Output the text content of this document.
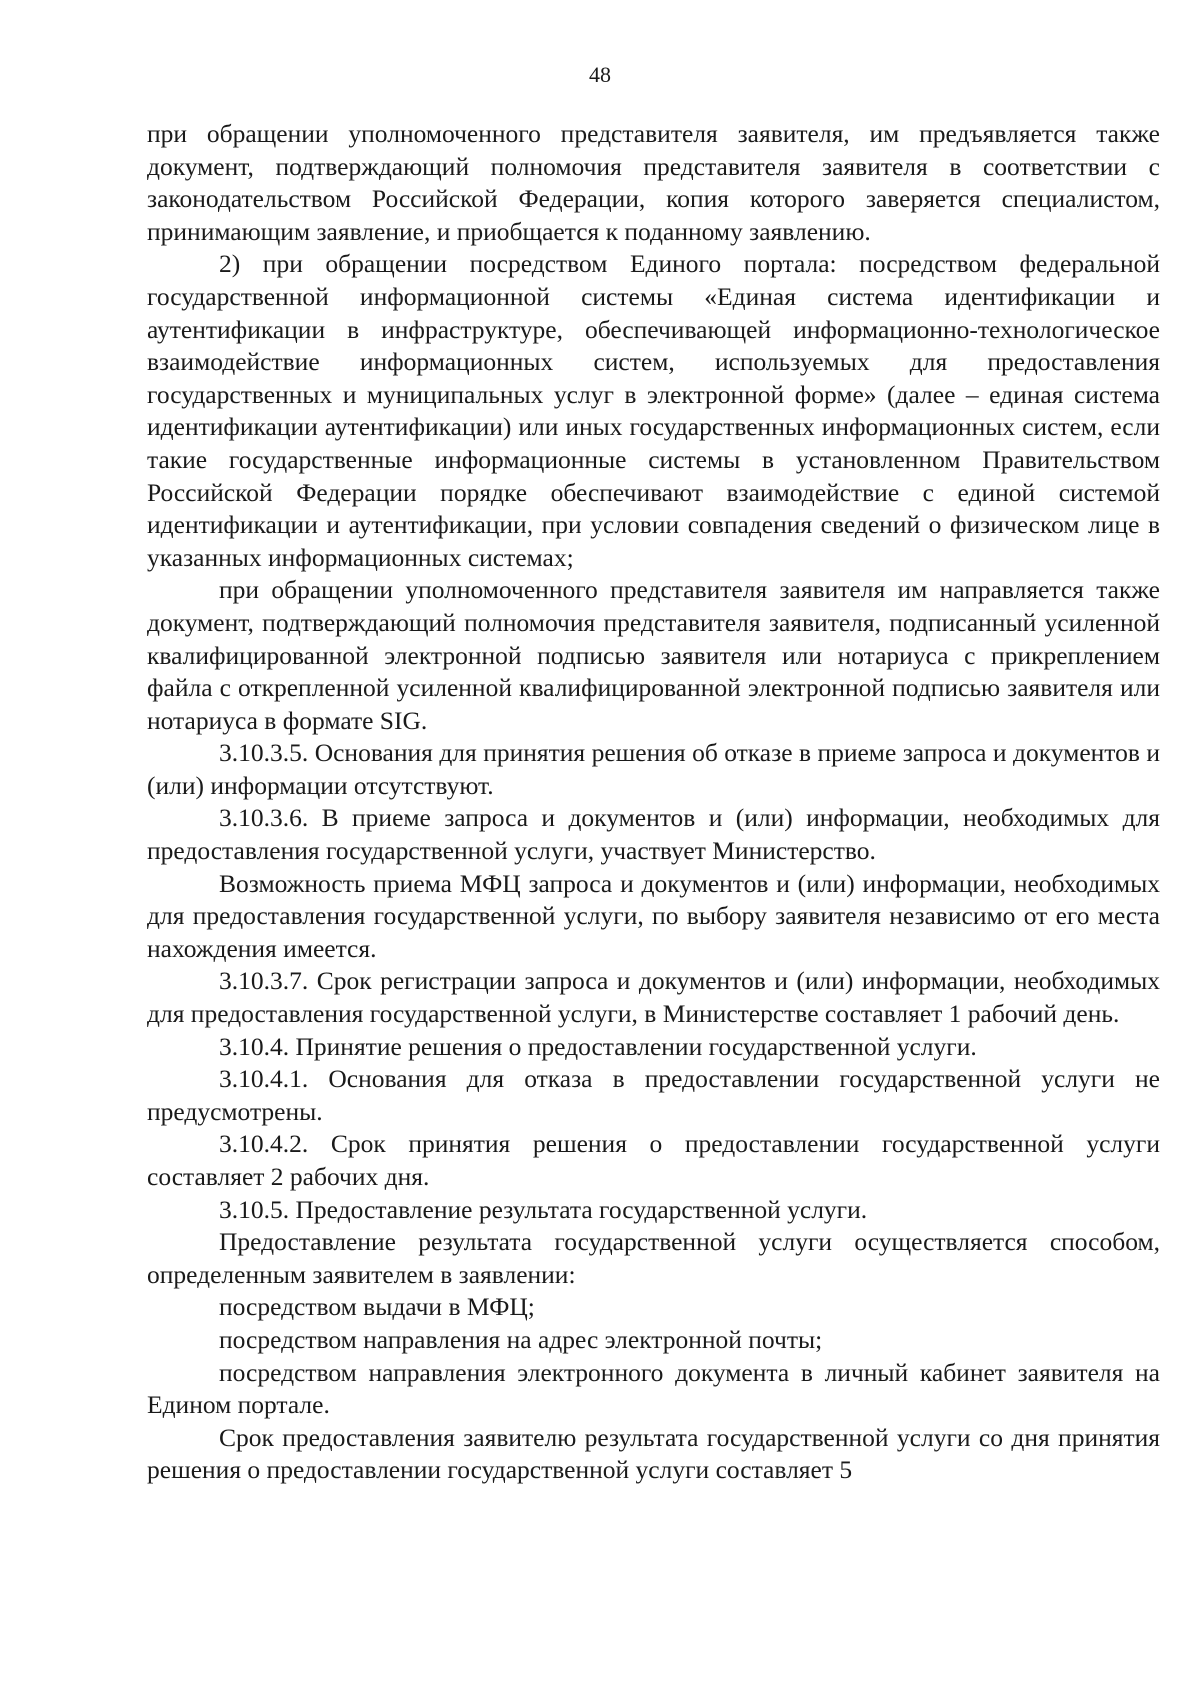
48

при обращении уполномоченного представителя заявителя, им предъявляется также документ, подтверждающий полномочия представителя заявителя в соответствии с законодательством Российской Федерации, копия которого заверяется специалистом, принимающим заявление, и приобщается к поданному заявлению.

2) при обращении посредством Единого портала: посредством федеральной государственной информационной системы «Единая система идентификации и аутентификации в инфраструктуре, обеспечивающей информационно-технологическое взаимодействие информационных систем, используемых для предоставления государственных и муниципальных услуг в электронной форме» (далее – единая система идентификации аутентификации) или иных государственных информационных систем, если такие государственные информационные системы в установленном Правительством Российской Федерации порядке обеспечивают взаимодействие с единой системой идентификации и аутентификации, при условии совпадения сведений о физическом лице в указанных информационных системах;

при обращении уполномоченного представителя заявителя им направляется также документ, подтверждающий полномочия представителя заявителя, подписанный усиленной квалифицированной электронной подписью заявителя или нотариуса с прикреплением файла с открепленной усиленной квалифицированной электронной подписью заявителя или нотариуса в формате SIG.

3.10.3.5. Основания для принятия решения об отказе в приеме запроса и документов и (или) информации отсутствуют.

3.10.3.6. В приеме запроса и документов и (или) информации, необходимых для предоставления государственной услуги, участвует Министерство.

Возможность приема МФЦ запроса и документов и (или) информации, необходимых для предоставления государственной услуги, по выбору заявителя независимо от его места нахождения имеется.

3.10.3.7. Срок регистрации запроса и документов и (или) информации, необходимых для предоставления государственной услуги, в Министерстве составляет 1 рабочий день.

3.10.4. Принятие решения о предоставлении государственной услуги.

3.10.4.1. Основания для отказа в предоставлении государственной услуги не предусмотрены.

3.10.4.2. Срок принятия решения о предоставлении государственной услуги составляет 2 рабочих дня.

3.10.5. Предоставление результата государственной услуги.

Предоставление результата государственной услуги осуществляется способом, определенным заявителем в заявлении:

посредством выдачи в МФЦ;

посредством направления на адрес электронной почты;

посредством направления электронного документа в личный кабинет заявителя на Едином портале.

Срок предоставления заявителю результата государственной услуги со дня принятия решения о предоставлении государственной услуги составляет 5
